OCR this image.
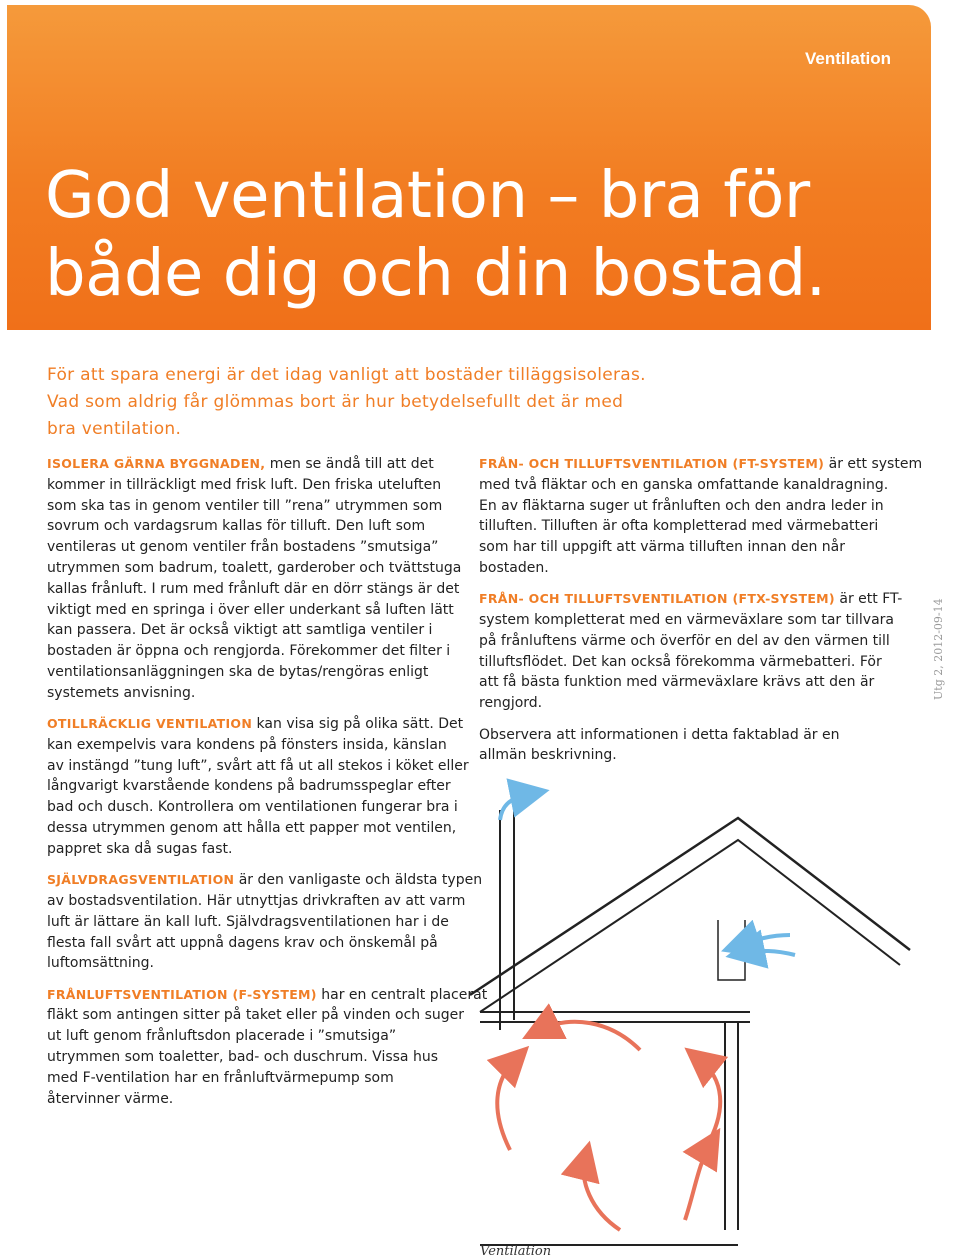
Ventilation
God ventilation – bra för
både dig och din bostad.
För att spara energi är det idag vanligt att bostäder tilläggsisoleras.
Vad som aldrig får glömmas bort är hur betydelsefullt det är med
bra ventilation.

ISOLERA GÄRNA BYGGNADEN, men se ändå till att det
kommer in tillräckligt med frisk luft. Den friska uteluften
som ska tas in genom ventiler till ”rena” utrymmen som
sovrum och vardagsrum kallas för tilluft. Den luft som
ventileras ut genom ventiler från bostadens ”smutsiga”
utrymmen som badrum, toalett, garderober och tvättstuga
kallas frånluft. I rum med frånluft där en dörr stängs är det
viktigt med en springa i över eller underkant så luften lätt
kan passera. Det är också viktigt att samtliga ventiler i
bostaden är öppna och rengjorda. Förekommer det filter i
ventilationsanläggningen ska de bytas/rengöras enligt
systemets anvisning.

OTILLRÄCKLIG VENTILATION kan visa sig på olika sätt. Det
kan exempelvis vara kondens på fönsters insida, känslan
av instängd ”tung luft”, svårt att få ut all stekos i köket eller
långvarigt kvarstående kondens på badrumsspeglar efter
bad och dusch. Kontrollera om ventilationen fungerar bra i
dessa utrymmen genom att hålla ett papper mot ventilen,
pappret ska då sugas fast.

SJÄLVDRAGSVENTILATION är den vanligaste och äldsta typen
av bostadsventilation. Här utnyttjas drivkraften av att varm
luft är lättare än kall luft. Självdragsventilationen har i de
flesta fall svårt att uppnå dagens krav och önskemål på
luftomsättning.

FRÅNLUFTSVENTILATION (F-SYSTEM) har en centralt placerat
fläkt som antingen sitter på taket eller på vinden och suger
ut luft genom frånluftsdon placerade i ”smutsiga”
utrymmen som toaletter, bad- och duschrum. Vissa hus
med F-ventilation har en frånluftvärmepump som
återvinner värme.

FRÅN- OCH TILLUFTSVENTILATION (FT-SYSTEM) är ett system
med två fläktar och en ganska omfattande kanaldragning.
En av fläktarna suger ut frånluften och den andra leder in
tilluften. Tilluften är ofta kompletterad med värmebatteri
som har till uppgift att värma tilluften innan den når
bostaden.

FRÅN- OCH TILLUFTSVENTILATION (FTX-SYSTEM) är ett FT-
system kompletterat med en värmeväxlare som tar tillvara
på frånluftens värme och överför en del av den värmen till
tilluftsflödet. Det kan också förekomma värmebatteri. För
att få bästa funktion med värmeväxlare krävs att den är
rengjord.

Observera att informationen i detta faktablad är en
allmän beskrivning.

Utg 2, 2012-09-14
Ventilation
